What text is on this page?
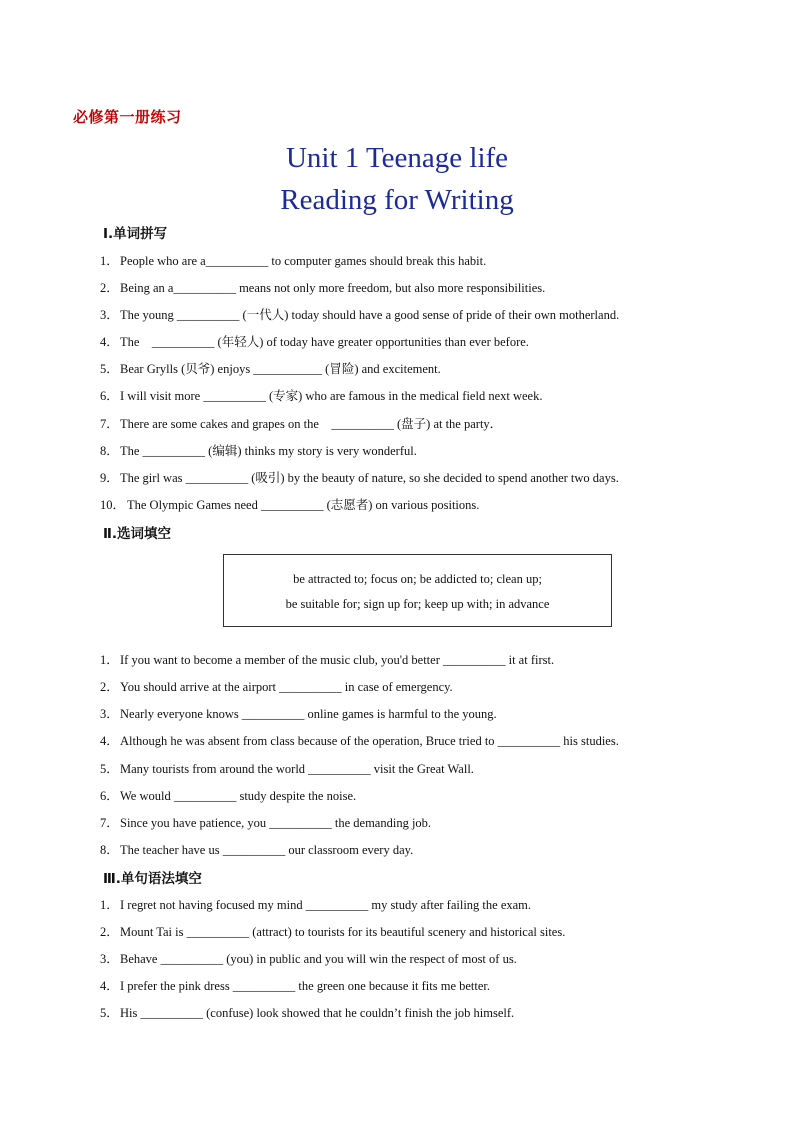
必修第一册练习
Unit 1 Teenage life
Reading for Writing
Ⅰ.单词拼写
1．People who are a__________ to computer games should break this habit.
2．Being an a__________ means not only more freedom, but also more responsibilities.
3．The young __________ (一代人) today should have a good sense of pride of their own motherland.
4．The    __________ (年轻人) of today have greater opportunities than ever before.
5．Bear Grylls (贝爷) enjoys ___________ (冒险) and excitement.
6．I will visit more __________ (专家) who are famous in the medical field next week.
7．There are some cakes and grapes on the    __________ (盘子) at the party．
8．The __________ (编辑) thinks my story is very wonderful.
9．The girl was __________ (吸引) by the beauty of nature, so she decided to spend another two days.
10． The Olympic Games need __________ (志愿者) on various positions.
Ⅱ.选词填空
be attracted to; focus on; be addicted to; clean up;
be suitable for; sign up for; keep up with; in advance
1．If you want to become a member of the music club, you'd better __________ it at first.
2．You should arrive at the airport __________ in case of emergency.
3．Nearly everyone knows __________ online games is harmful to the young.
4．Although he was absent from class because of the operation, Bruce tried to __________ his studies.
5．Many tourists from around the world __________ visit the Great Wall.
6．We would __________ study despite the noise.
7．Since you have patience, you __________ the demanding job.
8．The teacher have us __________ our classroom every day.
Ⅲ.单句语法填空
1．I regret not having focused my mind __________ my study after failing the exam.
2．Mount Tai is __________ (attract) to tourists for its beautiful scenery and historical sites.
3．Behave __________ (you) in public and you will win the respect of most of us.
4．I prefer the pink dress __________ the green one because it fits me better.
5．His __________ (confuse) look showed that he couldn’t finish the job himself.
